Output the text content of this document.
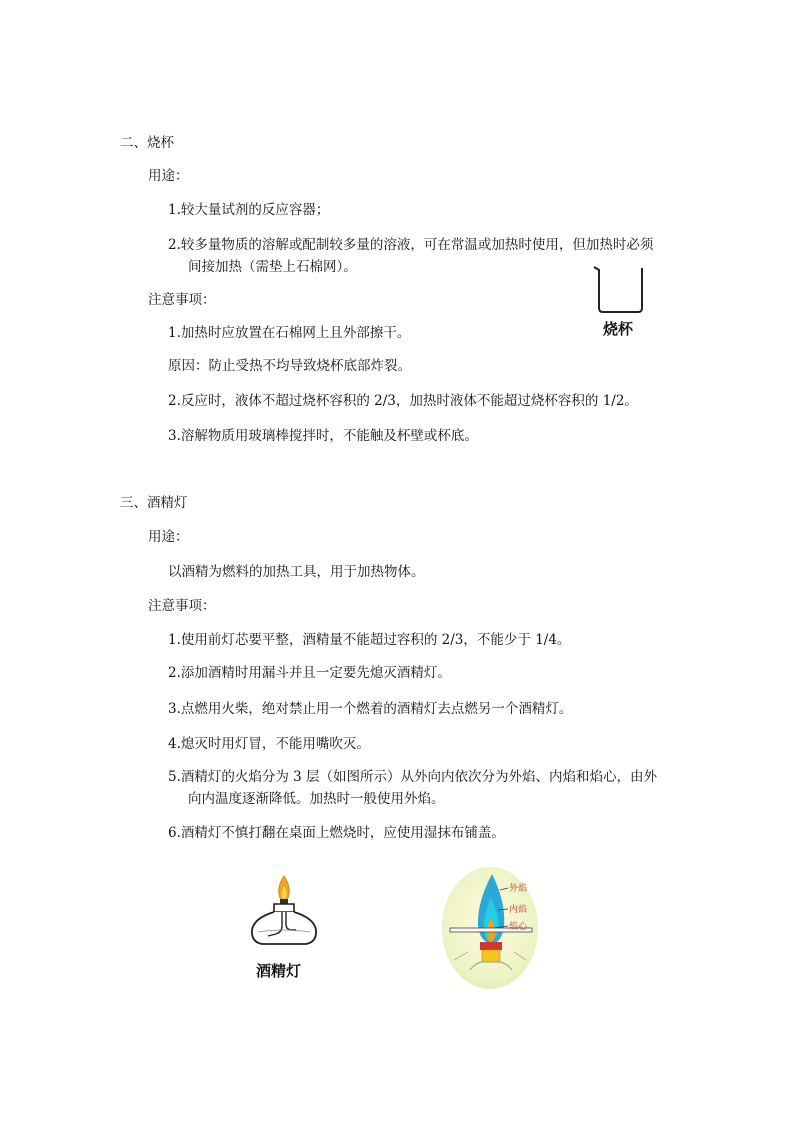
二、烧杯
用途：
1.较大量试剂的反应容器；
2.较多量物质的溶解或配制较多量的溶液，可在常温或加热时使用，但加热时必须
间接加热（需垫上石棉网）。
注意事项：
1.加热时应放置在石棉网上且外部擦干。
原因：防止受热不均导致烧杯底部炸裂。
2.反应时，液体不超过烧杯容积的 2/3，加热时液体不能超过烧杯容积的 1/2。
3.溶解物质用玻璃棒搅拌时，不能触及杯壁或杯底。
烧杯
三、酒精灯
用途：
以酒精为燃料的加热工具，用于加热物体。
注意事项：
1.使用前灯芯要平整，酒精量不能超过容积的 2/3，不能少于 1/4。
2.添加酒精时用漏斗并且一定要先熄灭酒精灯。
3.点燃用火柴，绝对禁止用一个燃着的酒精灯去点燃另一个酒精灯。
4.熄灭时用灯冒，不能用嘴吹灭。
5.酒精灯的火焰分为 3 层（如图所示）从外向内依次分为外焰、内焰和焰心，由外
向内温度逐渐降低。加热时一般使用外焰。
6.酒精灯不慎打翻在桌面上燃烧时，应使用湿抹布铺盖。
酒精灯
外焰
内焰
焰心
